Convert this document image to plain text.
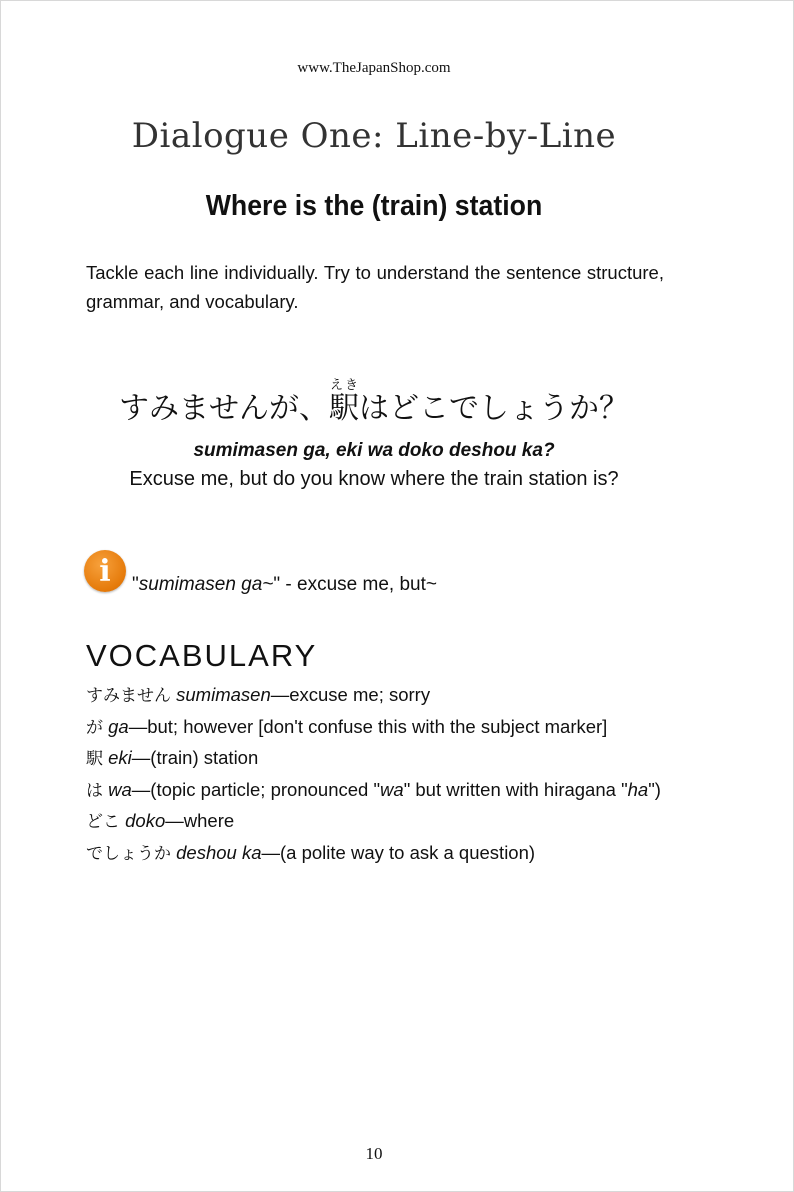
www.TheJapanShop.com
Dialogue One: Line-by-Line
Where is the (train) station

Tackle each line individually. Try to understand the sentence structure, grammar, and vocabulary.

すみませんが、駅えきはどこでしょうか？

sumimasen ga, eki wa doko deshou ka?

Excuse me, but do you know where the train station is?

i "sumimasen ga~" - excuse me, but~
VOCABULARY
すみません sumimasen—excuse me; sorry
が ga—but; however [don't confuse this with the subject marker]
駅 eki—(train) station
は wa—(topic particle; pronounced "wa" but written with hiragana "ha")
どこ doko—where
でしょうか deshou ka—(a polite way to ask a question)
10
